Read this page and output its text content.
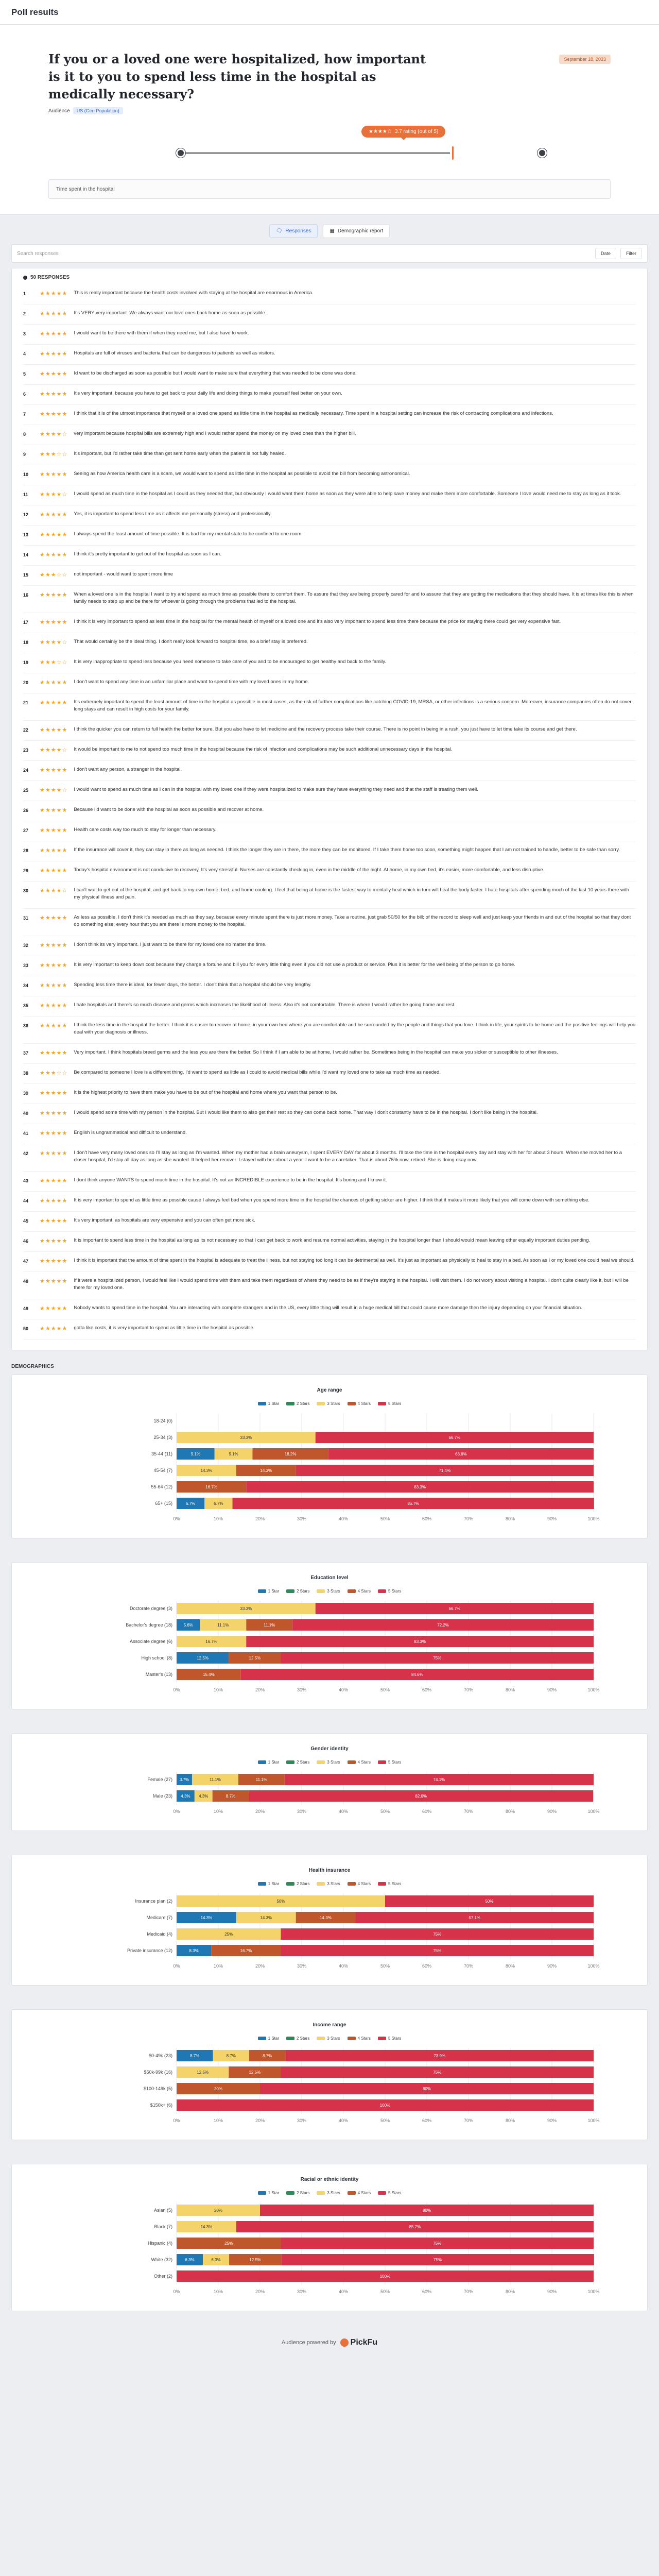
Poll results
If you or a loved one were hospitalized, how important is it to you to spend less time in the hospital as medically necessary?
September 18, 2023
Audience	US (Gen Population)
★★★★☆ 3.7 rating (out of 5)
Time spent in the hospital
🗨 Responses	▦ Demographic report
Search responses	Date	Filter
50 RESPONSES
1	★★★★★ This is really important because the health costs involved with staying at the hospital are enormous in America.
2	★★★★★ It's VERY very important. We always want our love ones back home as soon as possible.
3	★★★★★ I would want to be there with them if when they need me, but I also have to work.
4	★★★★★ Hospitals are full of viruses and bacteria that can be dangerous to patients as well as visitors.
5	★★★★★ Id want to be discharged as soon as possible but I would want to make sure that everything that was needed to be done was done.
6	★★★★★ It's very important, because you have to get back to your daily life and doing things to make yourself feel better on your own.
7	★★★★★ I think that it is of the utmost importance that myself or a loved one spend as little time in the hospital as medically necessary. Time spent in a hospital setting can increase the risk of contracting complications and infections.
8	★★★★☆ very important because hospital bills are extremely high and I would rather spend the money on my loved ones than the higher bill.
9	★★★☆☆ It's important, but I'd rather take time than get sent home early when the patient is not fully healed.
10	★★★★★ Seeing as how America health care is a scam, we would want to spend as little time in the hospital as possible to avoid the bill from becoming astronomical.
11	★★★★☆ I would spend as much time in the hospital as I could as they needed that, but obviously I would want them home as soon as they were able to help save money and make them more comfortable. Someone I love would need me to stay as long as it took.
12	★★★★★ Yes, it is important to spend less time as it affects me personally (stress) and professionally.
13	★★★★★ I always spend the least amount of time possible. It is bad for my mental state to be confined to one room.
14	★★★★★ I think it's pretty important to get out of the hospital as soon as I can.
15	★★★☆☆ not important - would want to spent more time
16	★★★★★ When a loved one is in the hospital I want to try and spend as much time as possible there to comfort them. To assure that they are being properly cared for and to assure that they are getting the medications that they should have. It is at times like this is when family needs to step up and be there for whoever is going through the problems that led to the hospital.
17	★★★★★ I think it is very important to spend as less time in the hospital for the mental health of myself or a loved one and it's also very important to spend less time there because the price for staying there could get very expensive fast.
18	★★★★☆ That would certainly be the ideal thing. I don't really look forward to hospital time, so a brief stay is preferred.
19	★★★☆☆ It is very inappropriate to spend less because you need someone to take care of you and to be encouraged to get healthy and back to the family.
20	★★★★★ I don't want to spend any time in an unfamiliar place and want to spend time with my loved ones in my home.
21	★★★★★ It's extremely important to spend the least amount of time in the hospital as possible in most cases, as the risk of further complications like catching COVID-19, MRSA, or other infections is a serious concern. Moreover, insurance companies often do not cover long stays and can result in high costs for your family.
22	★★★★★ I think the quicker you can return to full health the better for sure. But you also have to let medicine and the recovery process take their course. There is no point in being in a rush, you just have to let time take its course and get there.
23	★★★★☆ It would be important to me to not spend too much time in the hospital because the risk of infection and complications may be such additional unnecessary days in the hospital.
24	★★★★★ I don't want any person, a stranger in the hospital.
25	★★★★☆ I would want to spend as much time as I can in the hospital with my loved one if they were hospitalized to make sure they have everything they need and that the staff is treating them well.
26	★★★★★ Because I'd want to be done with the hospital as soon as possible and recover at home.
27	★★★★★ Health care costs way too much to stay for longer than necessary.
28	★★★★★ If the insurance will cover it, they can stay in there as long as needed. I think the longer they are in there, the more they can be monitored. If I take them home too soon, something might happen that I am not trained to handle, better to be safe than sorry.
29	★★★★★ Today's hospital environment is not conducive to recovery. It's very stressful. Nurses are constantly checking in, even in the middle of the night. At home, in my own bed, it's easier, more comfortable, and less disruptive.
30	★★★★☆ I can't wait to get out of the hospital, and get back to my own home, bed, and home cooking. I feel that being at home is the fastest way to mentally heal which in turn will heal the body faster. I hate hospitals after spending much of the last 10 years there with my physical illness and pain.
31	★★★★★ As less as possible, I don't think it's needed as much as they say, because every minute spent there is just more money. Take a routine, just grab 50/50 for the bill; of the record to sleep well and just keep your friends in and out of the hospital so that they dont do something else; every hour that you are there is more money to the hospital.
32	★★★★★ I don't think its very important. I just want to be there for my loved one no matter the time.
33	★★★★★ It is very important to keep down cost because they charge a fortune and bill you for every little thing even if you did not use a product or service. Plus it is better for the well being of the person to go home.
34	★★★★★ Spending less time there is ideal, for fewer days, the better. I don't think that a hospital should be very lengthy.
35	★★★★★ I hate hospitals and there's so much disease and germs which increases the likelihood of illness. Also it's not comfortable. There is where I would rather be going home and rest.
36	★★★★★ I think the less time in the hospital the better. I think it is easier to recover at home, in your own bed where you are comfortable and be surrounded by the people and things that you love. I think in life, your spirits to be home and the positive feelings will help you deal with your diagnosis or illness.
37	★★★★★ Very important. I think hospitals breed germs and the less you are there the better. So I think if I am able to be at home, I would rather be. Sometimes being in the hospital can make you sicker or susceptible to other illnesses.
38	★★★☆☆ Be compared to someone I love is a different thing. I'd want to spend as little as I could to avoid medical bills while I'd want my loved one to take as much time as needed.
39	★★★★★ It is the highest priority to have them make you have to be out of the hospital and home where you want that person to be.
40	★★★★★ I would spend some time with my person in the hospital. But I would like them to also get their rest so they can come back home. That way I don't constantly have to be in the hospital. I don't like being in the hospital.
41	★★★★★ English is ungrammatical and difficult to understand.
42	★★★★★ I don't have very many loved ones so I'll stay as long as I'm wanted. When my mother had a brain aneurysm, I spent EVERY DAY for about 3 months. I'll take the time in the hospital every day and stay with her for about 3 hours. When she moved her to a closer hospital, I'd stay all day as long as she wanted. It helped her recover. I stayed with her about a year. I want to be a caretaker. That is about 75% now, retired. She is doing okay now.
43	★★★★★ I dont think anyone WANTS to spend much time in the hospital. It's not an INCREDIBLE experience to be in the hospital. It's boring and I know it.
44	★★★★★ It is very important to spend as little time as possible cause I always feel bad when you spend more time in the hospital the chances of getting sicker are higher. I think that it makes it more likely that you will come down with something else.
45	★★★★★ It's very important, as hospitals are very expensive and you can often get more sick.
46	★★★★★ It is important to spend less time in the hospital as long as its not necessary so that I can get back to work and resume normal activities, staying in the hospital longer than I should would mean leaving other equally important duties pending.
47	★★★★★ I think it is important that the amount of time spent in the hospital is adequate to treat the illness, but not staying too long it can be detrimental as well. It's just as important as physically to heal to stay in a bed. As soon as I or my loved one could heal we should.
48	★★★★★ If it were a hospitalized person, I would feel like I would spend time with them and take them regardless of where they need to be as if they're staying in the hospital. I will visit them. I do not worry about visiting a hospital. I don't quite clearly like it, but I will be there for my loved one.
49	★★★★★ Nobody wants to spend time in the hospital. You are interacting with complete strangers and in the US, every little thing will result in a huge medical bill that could cause more damage then the injury depending on your financial situation.
50	★★★★★ gotta like costs, it is very important to spend as little time in the hospital as possible.
DEMOGRAPHICS
Age range
1 Star	2 Stars	3 Stars	4 Stars	5 Stars
0%	10%	20%	30%	40%	50%	60%	70%	80%	90%	100%
18-24 (0)
25-34 (3)	33.3%	66.7%
35-44 (11)	9.1%	9.1%	18.2%	63.6%
45-54 (7)	14.3%	14.3%	71.4%
55-64 (12)	16.7%	83.3%
65+ (15)	6.7%	6.7%	86.7%
Education level
1 Star	2 Stars	3 Stars	4 Stars	5 Stars
0%	10%	20%	30%	40%	50%	60%	70%	80%	90%	100%
Doctorate degree (3)	33.3%	66.7%
Bachelor's degree (18)	5.6%	11.1%	11.1%	72.2%
Associate degree (6)	16.7%	83.3%
High school (8)	12.5%	12.5%	75%
Master's (13)	15.4%	84.6%
Gender identity
1 Star	2 Stars	3 Stars	4 Stars	5 Stars
0%	10%	20%	30%	40%	50%	60%	70%	80%	90%	100%
Female (27) 3.7%	11.1%	11.1%	74.1%
Male (23) 4.3% 4.3%	8.7%	82.6%
Health insurance
1 Star	2 Stars	3 Stars	4 Stars	5 Stars
0%	10%	20%	30%	40%	50%	60%	70%	80%	90%	100%
Insurance plan (2)	50%	50%
Medicare (7)	14.3%	14.3%	14.3%	57.1%
Medicaid (4)	25%	75%
Private insurance (12)	8.3%	16.7%	75%
Income range
1 Star	2 Stars	3 Stars	4 Stars	5 Stars
0%	10%	20%	30%	40%	50%	60%	70%	80%	90%	100%
$0-49k (23)	8.7%	8.7%	8.7%	73.9%
$50k-99k (16)	12.5%	12.5%	75%
$100-149k (5)	20%	80%
$150k+ (6)	100%
Racial or ethnic identity
1 Star	2 Stars	3 Stars	4 Stars	5 Stars
0%	10%	20%	30%	40%	50%	60%	70%	80%	90%	100%
Asian (5)	20%	80%
Black (7)	14.3%	85.7%
Hispanic (4)	25%	75%
White (32)	6.3%	6.3%	12.5%	75%
Other (2)	100%
Audience powered by PickFu
